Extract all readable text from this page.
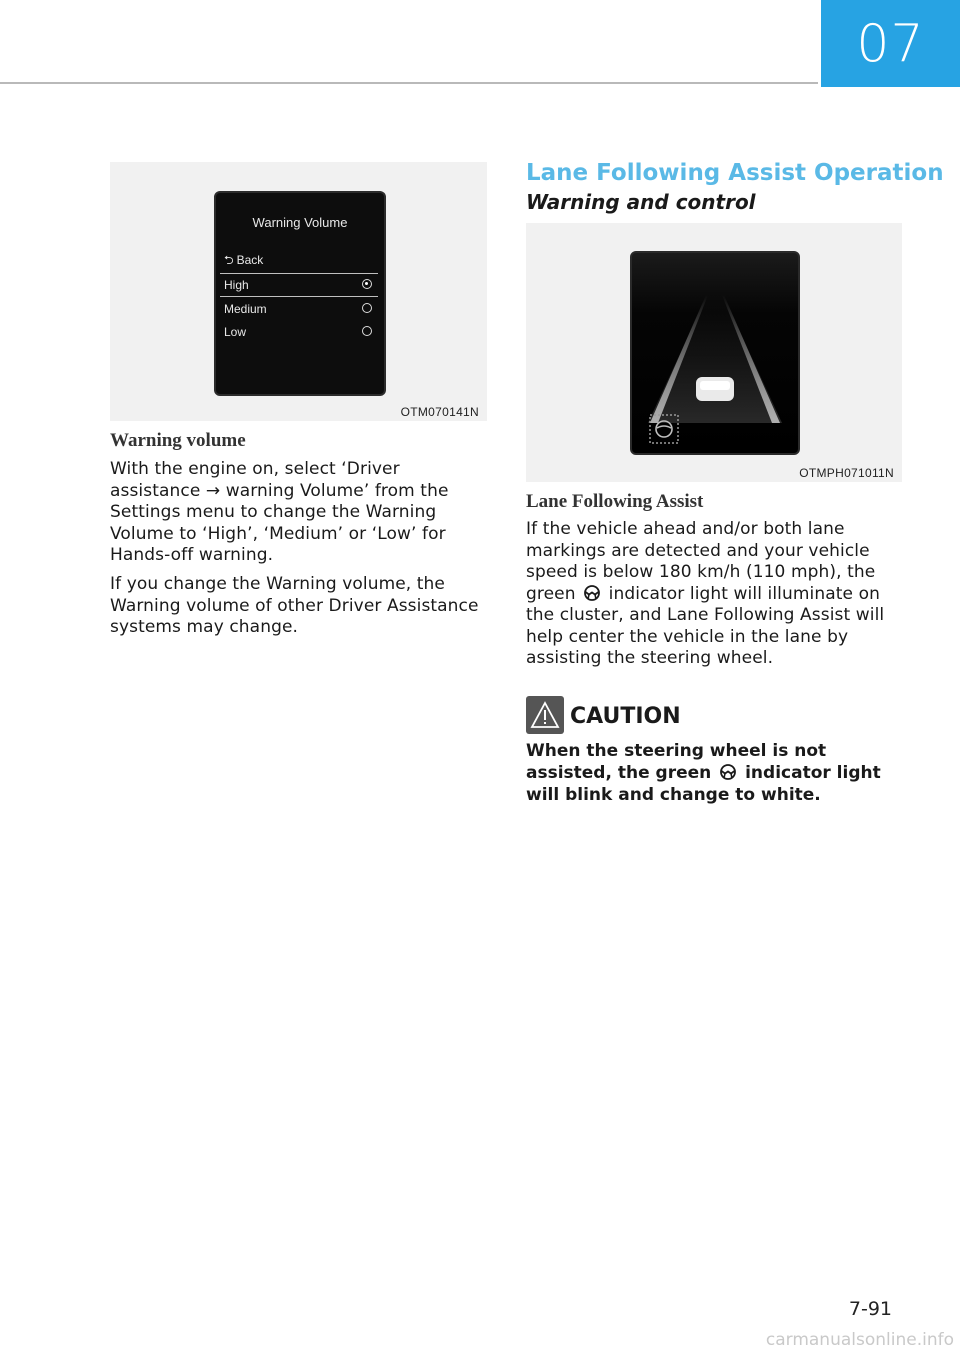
07
Warning Volume
⮌ Back
High
Medium
Low
OTM070141N
Warning volume
With the engine on, select ‘Driver assistance → warning Volume’ from the Settings menu to change the Warning Volume to ‘High’, ‘Medium’ or ‘Low’ for Hands-off warning.
If you change the Warning volume, the Warning volume of other Driver Assistance systems may change.
Lane Following Assist Operation
Warning and control
OTMPH071011N
Lane Following Assist
If the vehicle ahead and/or both lane markings are detected and your vehicle speed is below 180 km/h (110 mph), the green indicator light will illuminate on the cluster, and Lane Following Assist will help center the vehicle in the lane by assisting the steering wheel.
CAUTION
When the steering wheel is not assisted, the green indicator light will blink and change to white.
7-91
carmanualsonline.info
